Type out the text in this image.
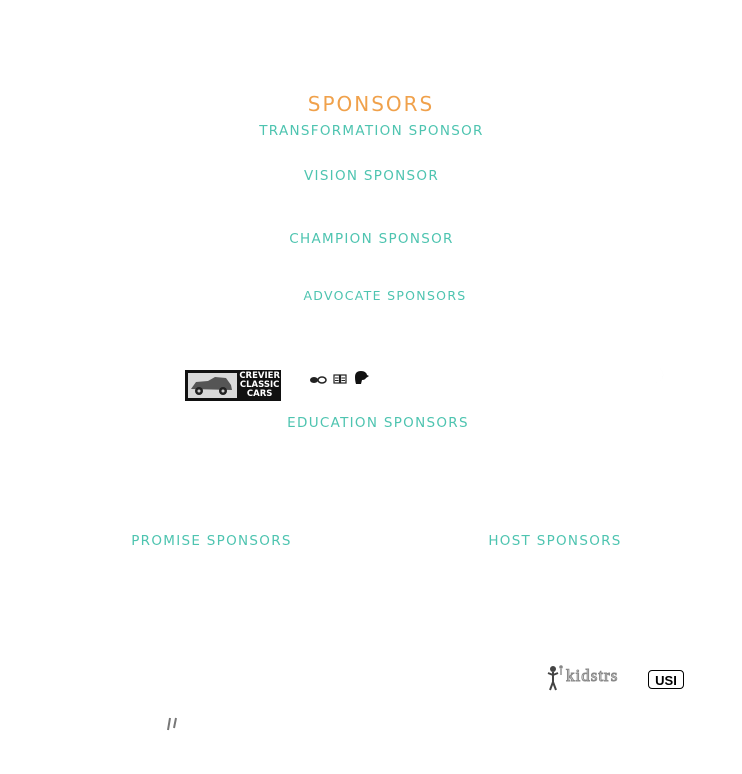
SPONSORS
TRANSFORMATION SPONSOR
VISION SPONSOR
CHAMPION SPONSOR
ADVOCATE SPONSORS
CREVIER
CLASSIC
CARS
EDUCATION SPONSORS
PROMISE SPONSORS	HOST SPONSORS
kidstrs	USI
